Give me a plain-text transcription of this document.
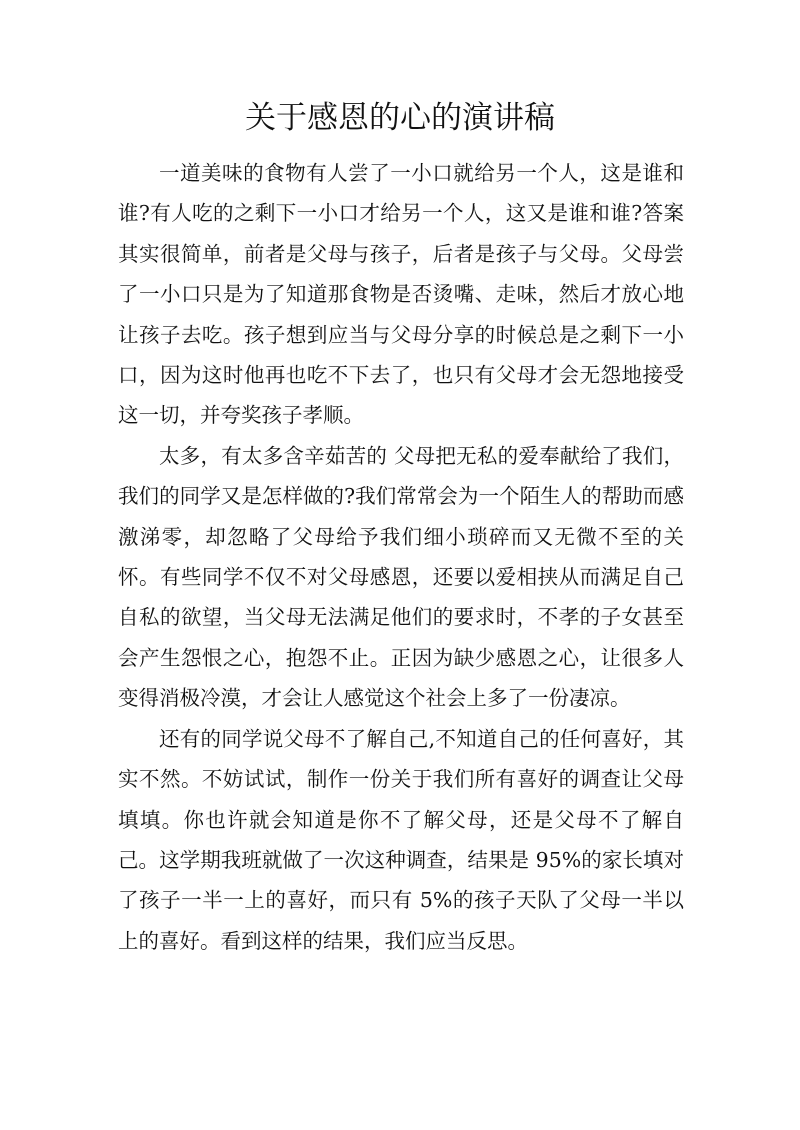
关于感恩的心的演讲稿

一道美味的食物有人尝了一小口就给另一个人，这是谁和谁?有人吃的之剩下一小口才给另一个人，这又是谁和谁?答案其实很简单，前者是父母与孩子，后者是孩子与父母。父母尝了一小口只是为了知道那食物是否烫嘴、走味，然后才放心地让孩子去吃。孩子想到应当与父母分享的时候总是之剩下一小口，因为这时他再也吃不下去了，也只有父母才会无怨地接受这一切，并夸奖孩子孝顺。

太多，有太多含辛茹苦的 父母把无私的爱奉献给了我们，我们的同学又是怎样做的?我们常常会为一个陌生人的帮助而感激涕零，却忽略了父母给予我们细小琐碎而又无微不至的关怀。有些同学不仅不对父母感恩，还要以爱相挟从而满足自己自私的欲望，当父母无法满足他们的要求时，不孝的子女甚至会产生怨恨之心，抱怨不止。正因为缺少感恩之心，让很多人变得消极冷漠，才会让人感觉这个社会上多了一份凄凉。

还有的同学说父母不了解自己,不知道自己的任何喜好，其实不然。不妨试试，制作一份关于我们所有喜好的调查让父母填填。你也许就会知道是你不了解父母，还是父母不了解自己。这学期我班就做了一次这种调查，结果是 95%的家长填对了孩子一半一上的喜好，而只有 5%的孩子天队了父母一半以上的喜好。看到这样的结果，我们应当反思。
